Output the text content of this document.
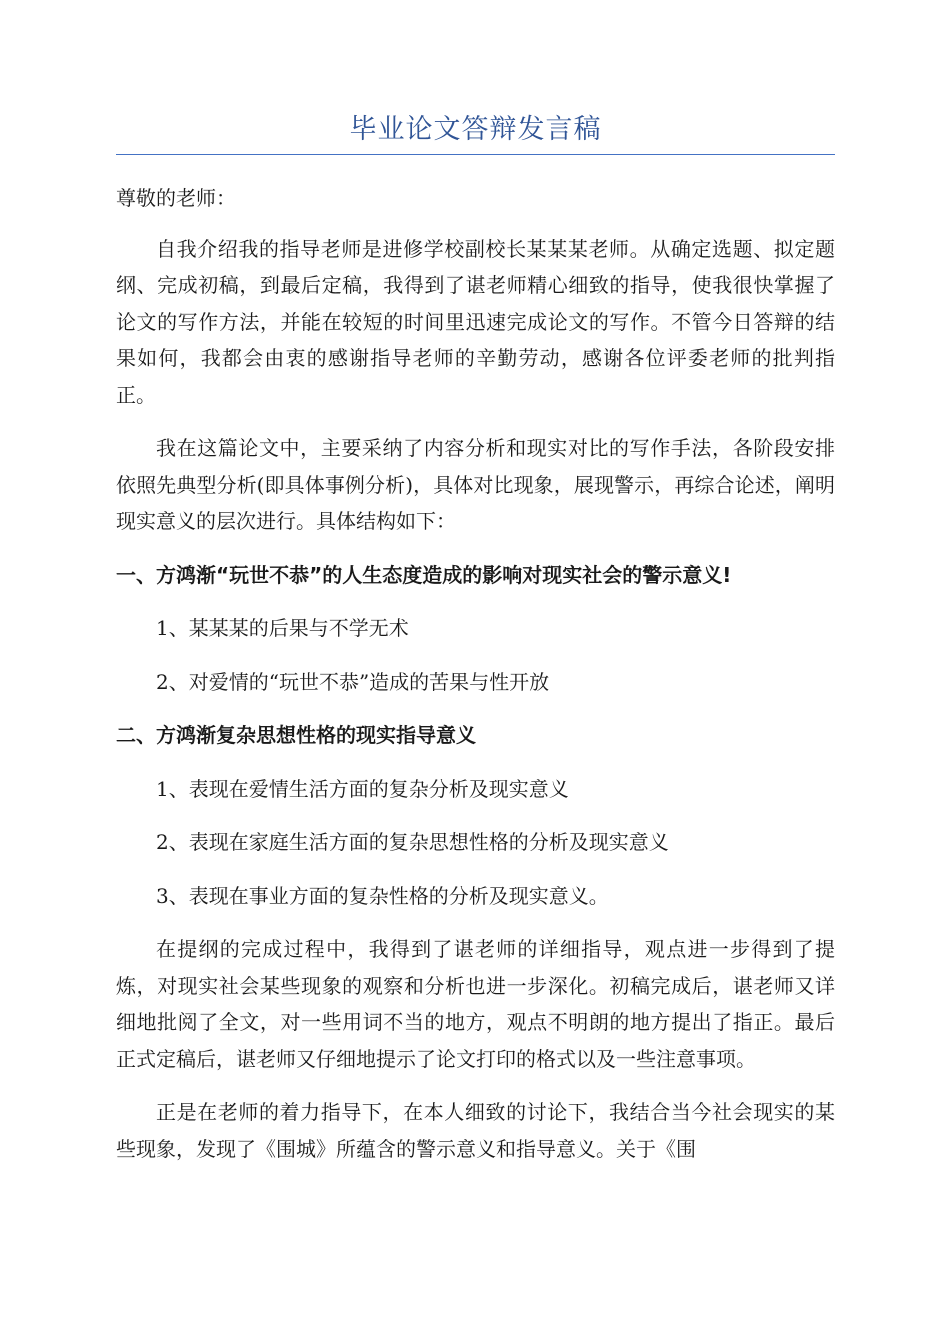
毕业论文答辩发言稿

尊敬的老师：

自我介绍我的指导老师是进修学校副校长某某某老师。从确定选题、拟定题纲、完成初稿，到最后定稿，我得到了谌老师精心细致的指导，使我很快掌握了论文的写作方法，并能在较短的时间里迅速完成论文的写作。不管今日答辩的结果如何，我都会由衷的感谢指导老师的辛勤劳动，感谢各位评委老师的批判指正。

我在这篇论文中，主要采纳了内容分析和现实对比的写作手法，各阶段安排依照先典型分析(即具体事例分析)，具体对比现象，展现警示，再综合论述，阐明现实意义的层次进行。具体结构如下：

一、方鸿渐“玩世不恭”的人生态度造成的影响对现实社会的警示意义!

1、某某某的后果与不学无术

2、对爱情的“玩世不恭”造成的苦果与性开放

二、方鸿渐复杂思想性格的现实指导意义

1、表现在爱情生活方面的复杂分析及现实意义

2、表现在家庭生活方面的复杂思想性格的分析及现实意义

3、表现在事业方面的复杂性格的分析及现实意义。

在提纲的完成过程中，我得到了谌老师的详细指导，观点进一步得到了提炼，对现实社会某些现象的观察和分析也进一步深化。初稿完成后，谌老师又详细地批阅了全文，对一些用词不当的地方，观点不明朗的地方提出了指正。最后正式定稿后，谌老师又仔细地提示了论文打印的格式以及一些注意事项。

正是在老师的着力指导下，在本人细致的讨论下，我结合当今社会现实的某些现象，发现了《围城》所蕴含的警示意义和指导意义。关于《围
